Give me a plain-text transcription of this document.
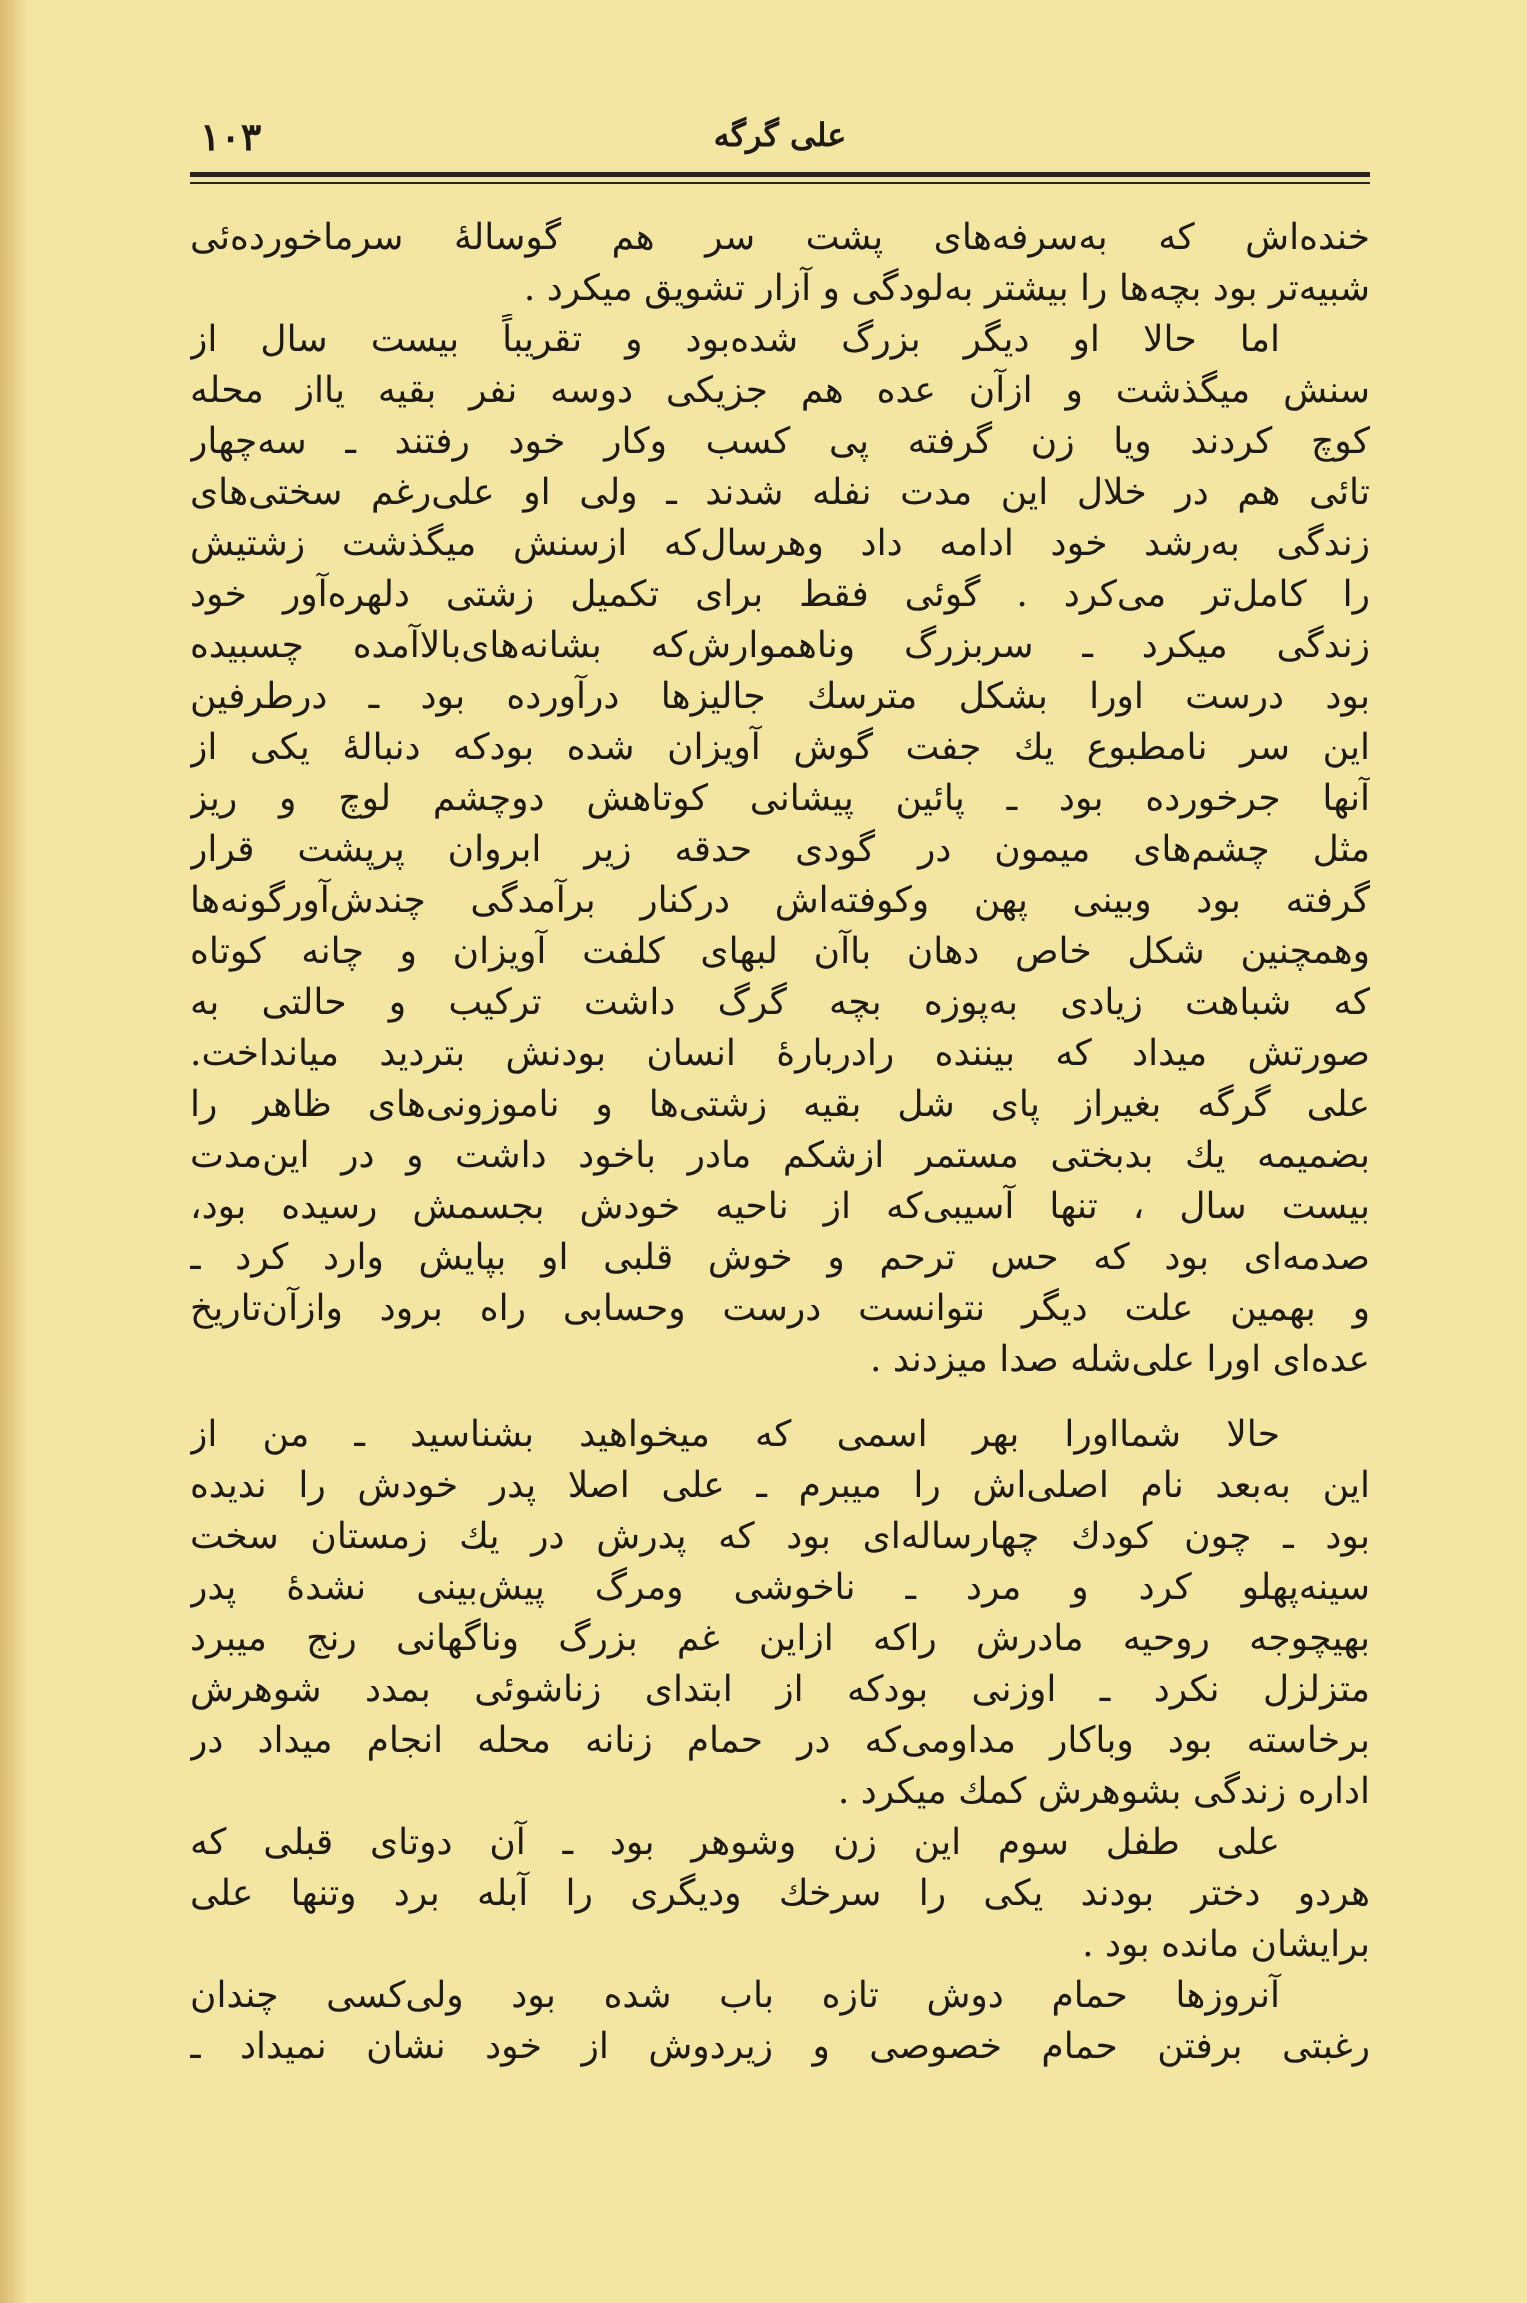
۱۰۳	علی گرگه
خنده‌اش که به‌سرفه‌های پشت سر هم گوسالهٔ سرماخورده‌ئی
شبیه‌تر بود بچه‌ها را بیشتر به‌لودگی و آزار تشویق میکرد .
اما حالا او دیگر بزرگ شده‌بود و تقریباً بیست سال از
سنش میگذشت و ازآن عده هم جزیکی دوسه نفر بقیه یااز محله
کوچ کردند ویا زن گرفته پی کسب وکار خود رفتند ـ سه‌چهار
تائی هم در خلال این مدت نفله شدند ـ ولی او علی‌رغم سختی‌های
زندگی به‌رشد خود ادامه داد وهرسال‌که ازسنش میگذشت زشتیش
را کامل‌تر می‌کرد . گوئی فقط برای تکمیل زشتی دلهره‌آور خود
زندگی میکرد ـ سربزرگ وناهموارش‌که بشانه‌های‌بالاآمده چسبیده
بود درست اورا بشکل مترسك جالیزها درآورده بود ـ درطرفین
این سر نامطبوع یك جفت گوش آویزان شده بودکه دنبالهٔ یکی از
آنها جرخورده بود ـ پائین پیشانی کوتاهش دوچشم لوچ و ریز
مثل چشم‌های میمون در گودی حدقه زیر ابروان پرپشت قرار
گرفته بود وبینی پهن وکوفته‌اش درکنار برآمدگی چندش‌آورگونه‌ها
وهمچنین شکل خاص دهان باآن لبهای کلفت آویزان و چانه کوتاه
که شباهت زیادی به‌پوزه بچه گرگ داشت ترکیب و حالتی به
صورتش میداد که بیننده رادربارهٔ انسان بودنش بتردید میانداخت.
علی گرگه بغیراز پای شل بقیه زشتی‌ها و ناموزونی‌های ظاهر را
بضمیمه یك بدبختی مستمر ازشکم مادر باخود داشت و در این‌مدت
بیست سال ، تنها آسیبی‌که از ناحیه خودش بجسمش رسیده بود،
صدمه‌ای بود که حس ترحم و خوش قلبی او بپایش وارد کرد ـ
و بهمین علت دیگر نتوانست درست وحسابی راه برود وازآن‌تاریخ
عده‌ای اورا علی‌شله صدا میزدند .
حالا شمااورا بهر اسمی که میخواهید بشناسید ـ من از
این به‌بعد نام اصلی‌اش را میبرم ـ علی اصلا پدر خودش را ندیده
بود ـ چون کودك چهارساله‌ای بود که پدرش در یك زمستان سخت
سینه‌پهلو کرد و مرد ـ ناخوشی ومرگ پیش‌بینی نشدهٔ پدر
بهیچوجه روحیه مادرش راکه ازاین غم بزرگ وناگهانی رنج میبرد
متزلزل نکرد ـ اوزنی بودکه از ابتدای زناشوئی بمدد شوهرش
برخاسته بود وباکار مداومی‌که در حمام زنانه محله انجام میداد در
اداره زندگی بشوهرش کمك میکرد .
علی طفل سوم این زن وشوهر بود ـ آن دوتای قبلی که
هردو دختر بودند یکی را سرخك ودیگری را آبله برد وتنها علی
برایشان مانده بود .
آنروزها حمام دوش تازه باب شده بود ولی‌کسی چندان
رغبتی برفتن حمام خصوصی و زیردوش از خود نشان نمیداد ـ
